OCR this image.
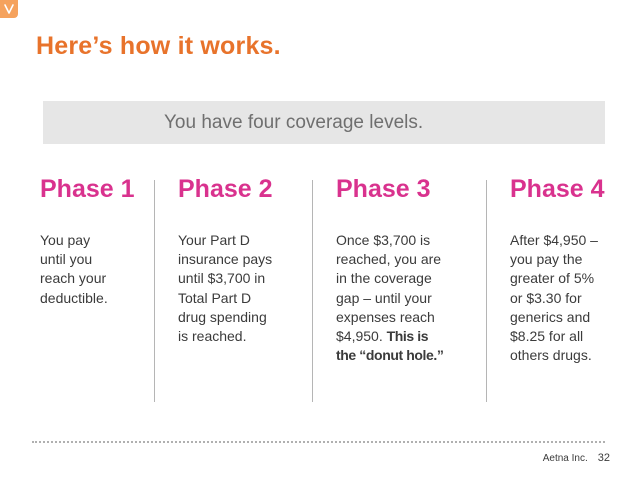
Here’s how it works.
You have four coverage levels.
Phase 1
You pay
until you
reach your
deductible.
Phase 2
Your Part D
insurance pays
until $3,700 in
Total Part D
drug spending
is reached.
Phase 3
Once $3,700 is
reached, you are
in the coverage
gap – until your
expenses reach
$4,950. This is
the “donut hole.”
Phase 4
After $4,950 –
you pay the
greater of 5%
or $3.30 for
generics and
$8.25 for all
others drugs.
Aetna Inc. 32
